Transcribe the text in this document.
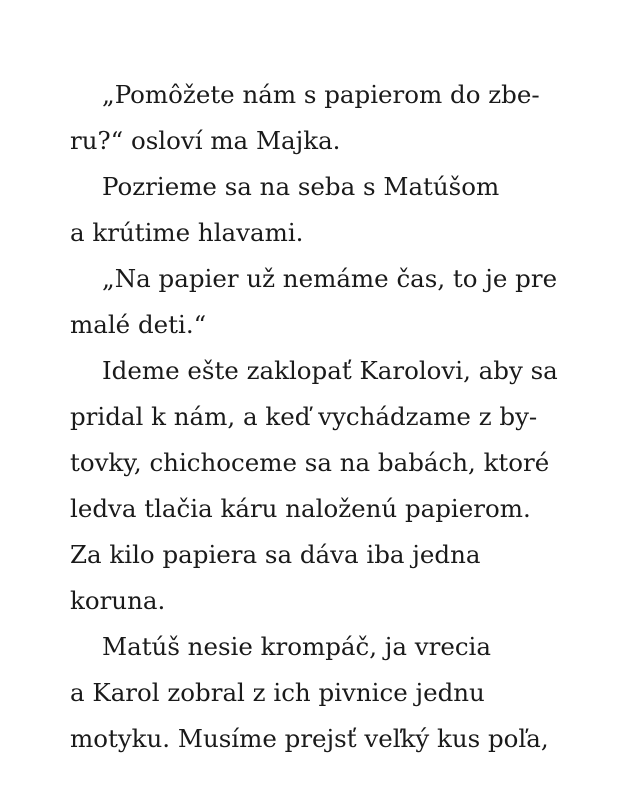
„Pomôžete nám s papierom do zbe-
ru?“ osloví ma Majka.
Pozrieme sa na seba s Matúšom
a krútime hlavami.
„Na papier už nemáme čas, to je pre
malé deti.“
Ideme ešte zaklopať Karolovi, aby sa
pridal k nám, a keď vychádzame z by-
tovky, chichoceme sa na babách, ktoré
ledva tlačia káru naloženú papierom.
Za kilo papiera sa dáva iba jedna
koruna.
Matúš nesie krompáč, ja vrecia
a Karol zobral z ich pivnice jednu
motyku. Musíme prejsť veľký kus poľa,
